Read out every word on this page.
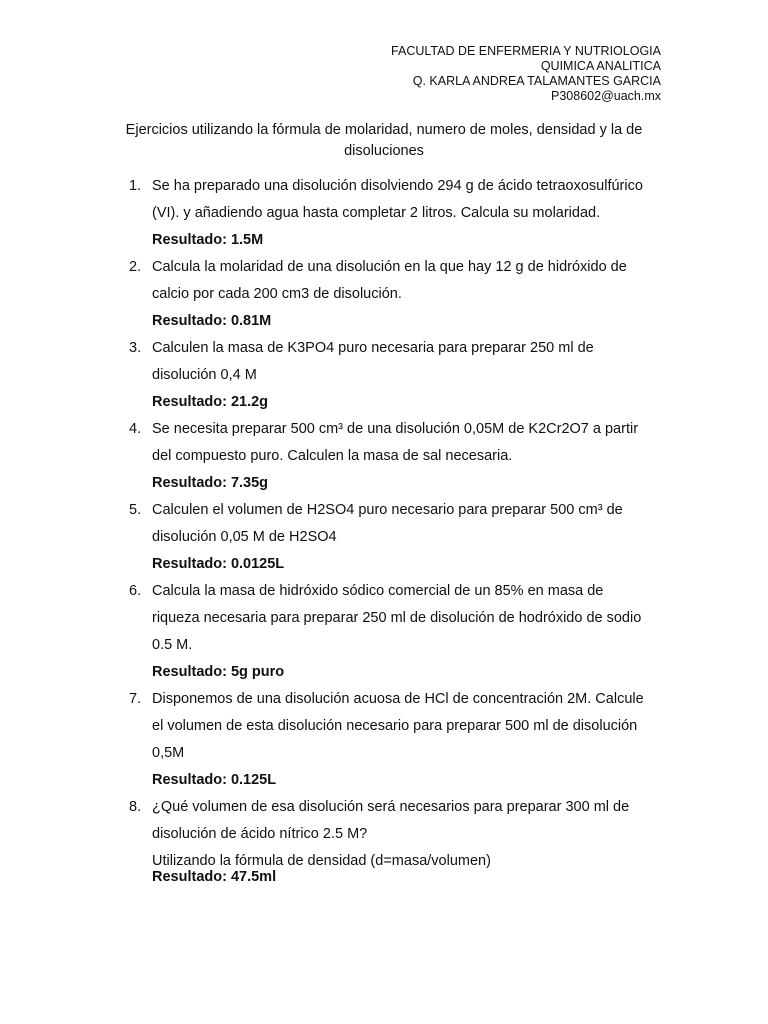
FACULTAD DE ENFERMERIA Y NUTRIOLOGIA
QUIMICA ANALITICA
Q. KARLA ANDREA TALAMANTES GARCIA
P308602@uach.mx
Ejercicios utilizando la fórmula de molaridad, numero de moles, densidad y la de disoluciones
1. Se ha preparado una disolución disolviendo 294 g de ácido tetraoxosulfúrico (VI). y añadiendo agua hasta completar 2 litros. Calcula su molaridad.
Resultado: 1.5M
2. Calcula la molaridad de una disolución en la que hay 12 g de hidróxido de calcio por cada 200 cm3 de disolución.
Resultado: 0.81M
3. Calculen la masa de K3PO4 puro necesaria para preparar 250 ml de disolución 0,4 M
Resultado: 21.2g
4. Se necesita preparar 500 cm³ de una disolución 0,05M de K2Cr2O7 a partir del compuesto puro. Calculen la masa de sal necesaria.
Resultado: 7.35g
5. Calculen el volumen de H2SO4 puro necesario para preparar 500 cm³ de disolución 0,05 M de H2SO4
Resultado: 0.0125L
6. Calcula la masa de hidróxido sódico comercial de un 85% en masa de riqueza necesaria para preparar 250 ml de disolución de hodróxido de sodio 0.5 M.
Resultado: 5g puro
7. Disponemos de una disolución acuosa de HCl de concentración 2M. Calcule el volumen de esta disolución necesario para preparar 500 ml de disolución 0,5M
Resultado: 0.125L
8. ¿Qué volumen de esa disolución será necesarios para preparar 300 ml de disolución de ácido nítrico 2.5 M?
Utilizando la fórmula de densidad (d=masa/volumen)
Resultado: 47.5ml
